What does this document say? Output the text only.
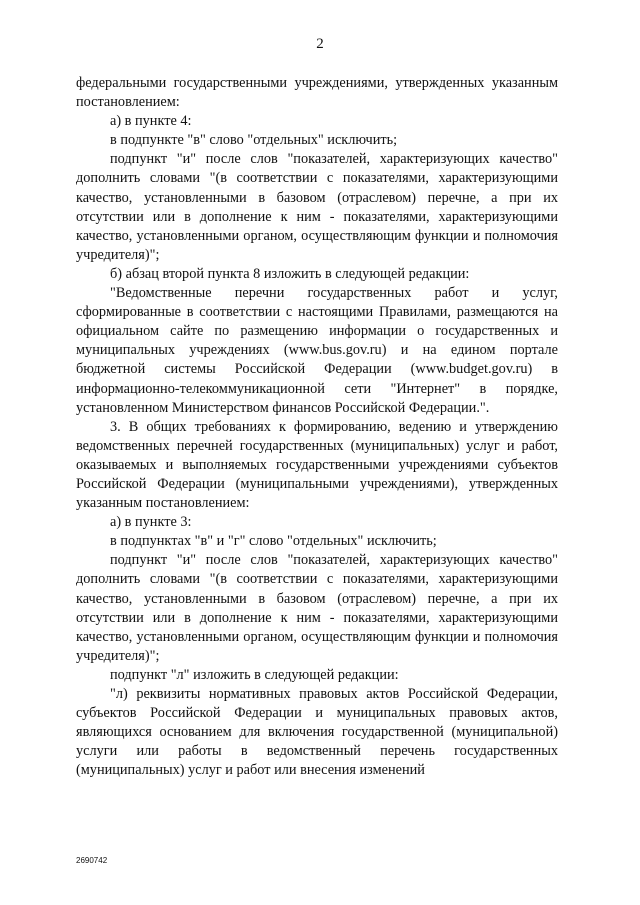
2

федеральными государственными учреждениями, утвержденных указанным постановлением:

а) в пункте 4:

в подпункте "в" слово "отдельных" исключить;

подпункт "и" после слов "показателей, характеризующих качество" дополнить словами "(в соответствии с показателями, характеризующими качество, установленными в базовом (отраслевом) перечне, а при их отсутствии или в дополнение к ним - показателями, характеризующими качество, установленными органом, осуществляющим функции и полномочия учредителя)";

б) абзац второй пункта 8 изложить в следующей редакции:

"Ведомственные перечни государственных работ и услуг, сформированные в соответствии с настоящими Правилами, размещаются на официальном сайте по размещению информации о государственных и муниципальных учреждениях (www.bus.gov.ru) и на едином портале бюджетной системы Российской Федерации (www.budget.gov.ru) в информационно-телекоммуникационной сети "Интернет" в порядке, установленном Министерством финансов Российской Федерации.".

3. В общих требованиях к формированию, ведению и утверждению ведомственных перечней государственных (муниципальных) услуг и работ, оказываемых и выполняемых государственными учреждениями субъектов Российской Федерации (муниципальными учреждениями), утвержденных указанным постановлением:

а) в пункте 3:

в подпунктах "в" и "г" слово "отдельных" исключить;

подпункт "и" после слов "показателей, характеризующих качество" дополнить словами "(в соответствии с показателями, характеризующими качество, установленными в базовом (отраслевом) перечне, а при их отсутствии или в дополнение к ним - показателями, характеризующими качество, установленными органом, осуществляющим функции и полномочия учредителя)";

подпункт "л" изложить в следующей редакции:

"л) реквизиты нормативных правовых актов Российской Федерации, субъектов Российской Федерации и муниципальных правовых актов, являющихся основанием для включения государственной (муниципальной) услуги или работы в ведомственный перечень государственных (муниципальных) услуг и работ или внесения изменений

2690742
